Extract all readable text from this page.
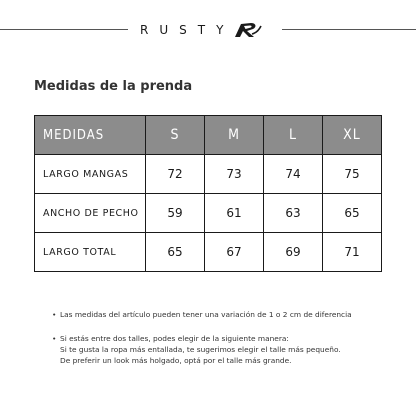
RUSTY
Medidas de la prenda
MEDIDAS	S	M	L	XL
LARGO MANGAS	72	73	74	75
ANCHO DE PECHO	59	61	63	65
LARGO TOTAL	65	67	69	71
• Las medidas del artículo pueden tener una variación de 1 o 2 cm de diferencia
• Si estás entre dos talles, podes elegir de la siguiente manera:
Si te gusta la ropa más entallada, te sugerimos elegir el talle más pequeño.
De preferir un look más holgado, optá por el talle más grande.
